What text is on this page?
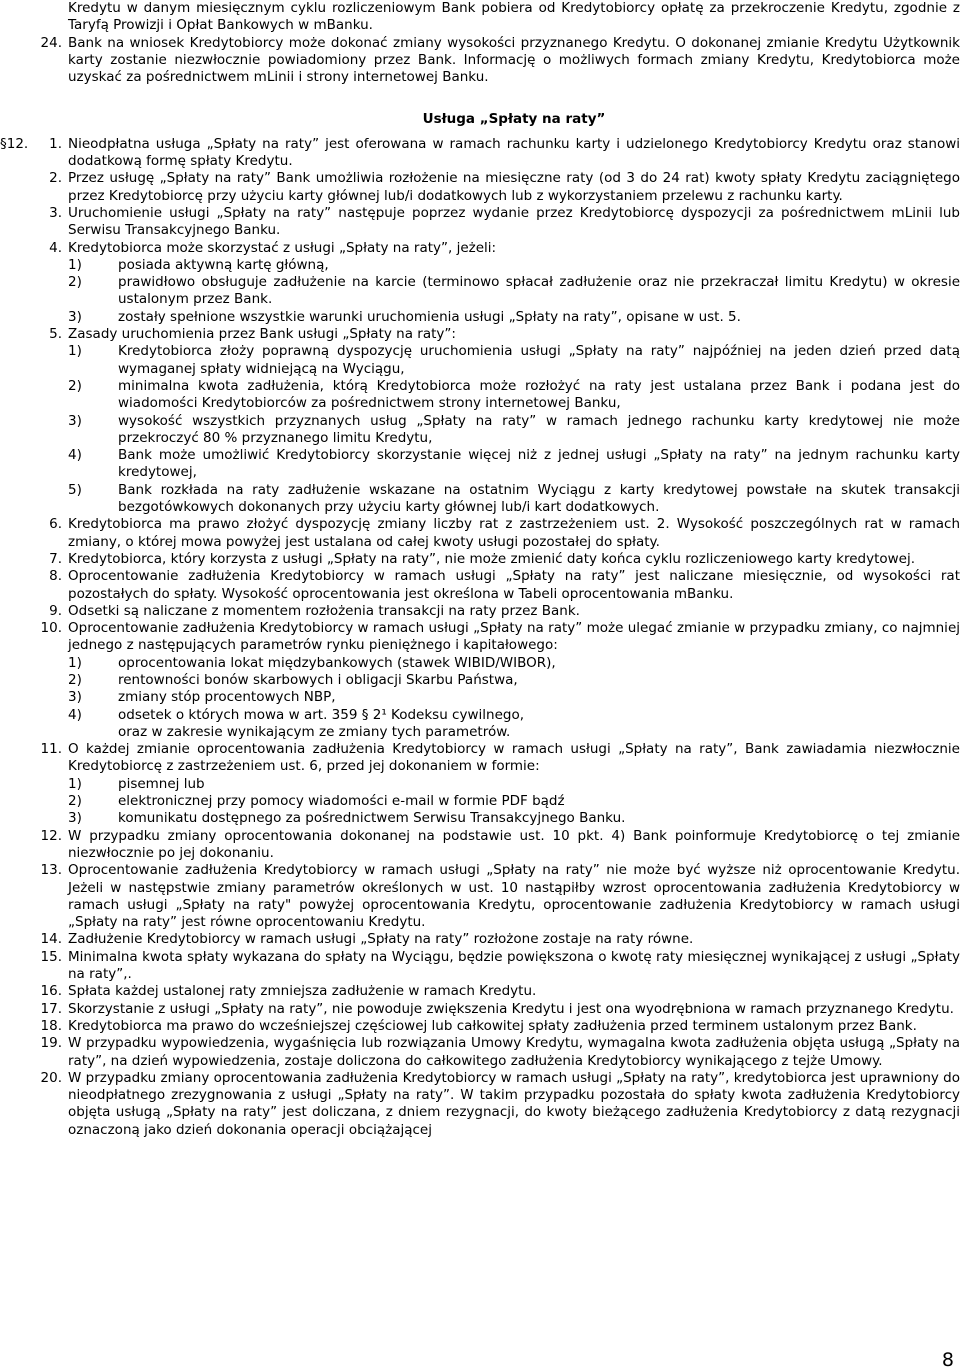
Kredytu w danym miesięcznym cyklu rozliczeniowym Bank pobiera od Kredytobiorcy opłatę za przekroczenie Kredytu, zgodnie z Taryfą Prowizji i Opłat Bankowych w mBanku.
24. Bank na wniosek Kredytobiorcy może dokonać zmiany wysokości przyznanego Kredytu. O dokonanej zmianie Kredytu Użytkownik karty zostanie niezwłocznie powiadomiony przez Bank. Informację o możliwych formach zmiany Kredytu, Kredytobiorca może uzyskać za pośrednictwem mLinii i strony internetowej Banku.
Usługa „Spłaty na raty”
1.
§12.	Nieodpłatna usługa „Spłaty na raty” jest oferowana w ramach rachunku karty i udzielonego Kredytobiorcy Kredytu oraz stanowi dodatkową formę spłaty Kredytu.
2. Przez usługę „Spłaty na raty” Bank umożliwia rozłożenie na miesięczne raty (od 3 do 24 rat) kwoty spłaty Kredytu zaciągniętego przez Kredytobiorcę przy użyciu karty głównej lub/i dodatkowych lub z wykorzystaniem przelewu z rachunku karty.
3. Uruchomienie usługi „Spłaty na raty” następuje poprzez wydanie przez Kredytobiorcę dyspozycji za pośrednictwem mLinii lub Serwisu Transakcyjnego Banku.
4. Kredytobiorca może skorzystać z usługi „Spłaty na raty”, jeżeli:
1)	posiada aktywną kartę główną,
2)	prawidłowo obsługuje zadłużenie na karcie (terminowo spłacał zadłużenie oraz nie przekraczał limitu Kredytu) w okresie ustalonym przez Bank.
3)	zostały spełnione wszystkie warunki uruchomienia usługi „Spłaty na raty”, opisane w ust. 5.
5. Zasady uruchomienia przez Bank usługi „Spłaty na raty”:
1)	Kredytobiorca złoży poprawną dyspozycję uruchomienia usługi „Spłaty na raty” najpóźniej na jeden dzień przed datą wymaganej spłaty widniejącą na Wyciągu,
2)	minimalna kwota zadłużenia, którą Kredytobiorca może rozłożyć na raty jest ustalana przez Bank i podana jest do wiadomości Kredytobiorców za pośrednictwem strony internetowej Banku,
3)	wysokość wszystkich przyznanych usług „Spłaty na raty” w ramach jednego rachunku karty kredytowej nie może przekroczyć 80 % przyznanego limitu Kredytu,
4)	Bank może umożliwić Kredytobiorcy skorzystanie więcej niż z jednej usługi „Spłaty na raty” na jednym rachunku karty kredytowej,
5)	Bank rozkłada na raty zadłużenie wskazane na ostatnim Wyciągu z karty kredytowej powstałe na skutek transakcji bezgotówkowych dokonanych przy użyciu karty głównej lub/i kart dodatkowych.
6. Kredytobiorca ma prawo złożyć dyspozycję zmiany liczby rat z zastrzeżeniem ust. 2. Wysokość poszczególnych rat w ramach zmiany, o której mowa powyżej jest ustalana od całej kwoty usługi pozostałej do spłaty.
7. Kredytobiorca, który korzysta z usługi „Spłaty na raty”, nie może zmienić daty końca cyklu rozliczeniowego karty kredytowej.
8. Oprocentowanie zadłużenia Kredytobiorcy w ramach usługi „Spłaty na raty” jest naliczane miesięcznie, od wysokości rat pozostałych do spłaty. Wysokość oprocentowania jest określona w Tabeli oprocentowania mBanku.
9. Odsetki są naliczane z momentem rozłożenia transakcji na raty przez Bank.
10. Oprocentowanie zadłużenia Kredytobiorcy w ramach usługi „Spłaty na raty” może ulegać zmianie w przypadku zmiany, co najmniej jednego z następujących parametrów rynku pieniężnego i kapitałowego:
1)	oprocentowania lokat międzybankowych (stawek WIBID/WIBOR),
2)	rentowności bonów skarbowych i obligacji Skarbu Państwa,
3)	zmiany stóp procentowych NBP,
4)	odsetek o których mowa w art. 359 § 2¹ Kodeksu cywilnego,
oraz w zakresie wynikającym ze zmiany tych parametrów.
11. O każdej zmianie oprocentowania zadłużenia Kredytobiorcy w ramach usługi „Spłaty na raty”, Bank zawiadamia niezwłocznie Kredytobiorcę z zastrzeżeniem ust. 6, przed jej dokonaniem w formie:
1)	pisemnej lub
2)	elektronicznej przy pomocy wiadomości e-mail w formie PDF bądź
3)	komunikatu dostępnego za pośrednictwem Serwisu Transakcyjnego Banku.
12. W przypadku zmiany oprocentowania dokonanej na podstawie ust. 10 pkt. 4) Bank poinformuje Kredytobiorcę o tej zmianie niezwłocznie po jej dokonaniu.
13. Oprocentowanie zadłużenia Kredytobiorcy w ramach usługi „Spłaty na raty” nie może być wyższe niż oprocentowanie Kredytu. Jeżeli w następstwie zmiany parametrów określonych w ust. 10 nastąpiłby wzrost oprocentowania zadłużenia Kredytobiorcy w ramach usługi „Spłaty na raty" powyżej oprocentowania Kredytu, oprocentowanie zadłużenia Kredytobiorcy w ramach usługi „Spłaty na raty” jest równe oprocentowaniu Kredytu.
14. Zadłużenie Kredytobiorcy w ramach usługi „Spłaty na raty” rozłożone zostaje na raty równe.
15. Minimalna kwota spłaty wykazana do spłaty na Wyciągu, będzie powiększona o kwotę raty miesięcznej wynikającej z usługi „Spłaty na raty”,.
16. Spłata każdej ustalonej raty zmniejsza zadłużenie w ramach Kredytu.
17. Skorzystanie z usługi „Spłaty na raty”, nie powoduje zwiększenia Kredytu i jest ona wyodrębniona w ramach przyznanego Kredytu.
18. Kredytobiorca ma prawo do wcześniejszej częściowej lub całkowitej spłaty zadłużenia przed terminem ustalonym przez Bank.
19. W przypadku wypowiedzenia, wygaśnięcia lub rozwiązania Umowy Kredytu, wymagalna kwota zadłużenia objęta usługą „Spłaty na raty”, na dzień wypowiedzenia, zostaje doliczona do całkowitego zadłużenia Kredytobiorcy wynikającego z tejże Umowy.
20. W przypadku zmiany oprocentowania zadłużenia Kredytobiorcy w ramach usługi „Spłaty na raty”, kredytobiorca jest uprawniony do nieodpłatnego zrezygnowania z usługi „Spłaty na raty”. W takim przypadku pozostała do spłaty kwota zadłużenia Kredytobiorcy objęta usługą „Spłaty na raty” jest doliczana, z dniem rezygnacji, do kwoty bieżącego zadłużenia Kredytobiorcy z datą rezygnacji oznaczoną jako dzień dokonania operacji obciążającej
8
